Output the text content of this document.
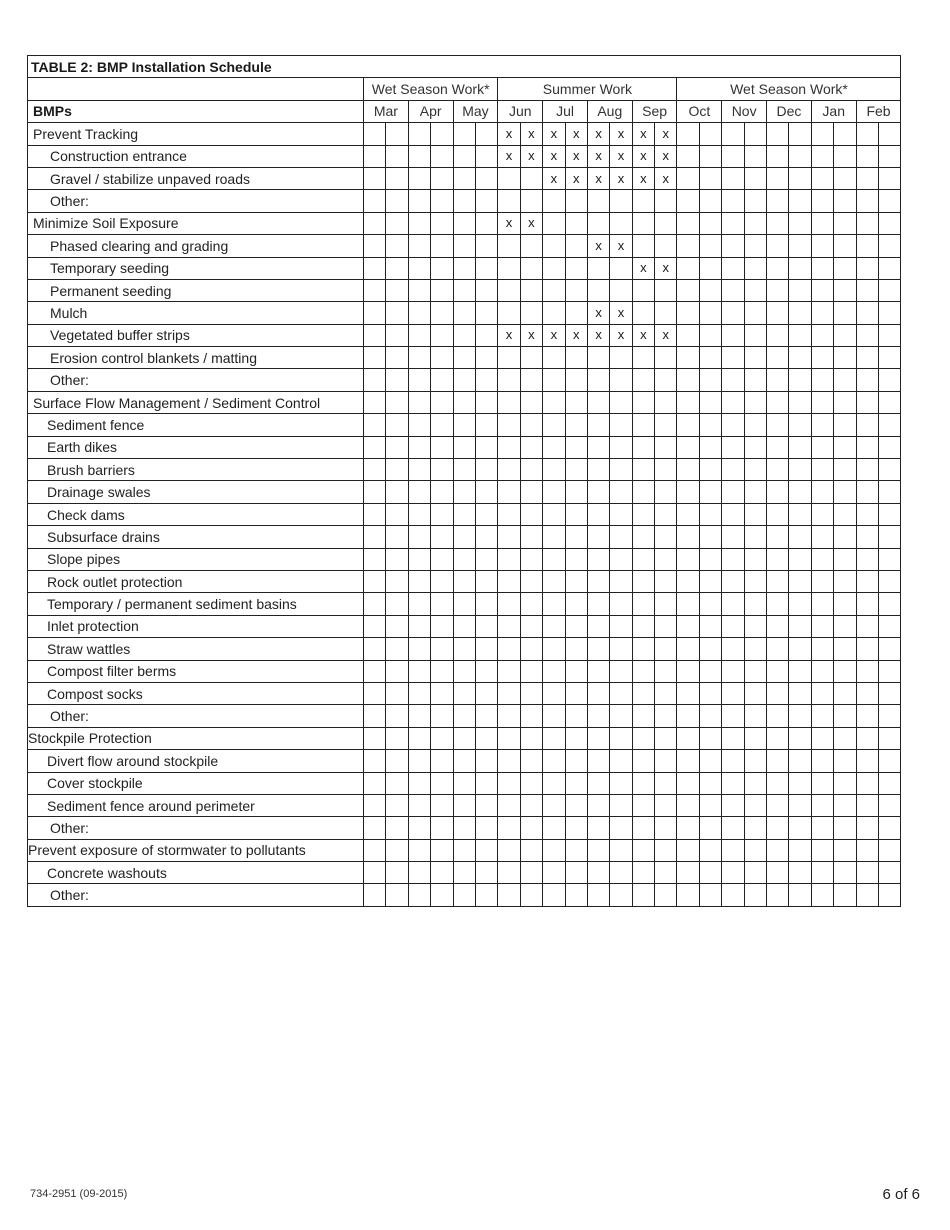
TABLE 2: BMP Installation Schedule																								
	Wet Season Work*						Summer Work								Wet Season Work*									
BMPs	Mar		Apr		May		Jun		Jul		Aug		Sep		Oct		Nov		Dec		Jan		Feb	
Prevent Tracking							x	x	x	x	x	x	x	x										
Construction entrance							x	x	x	x	x	x	x	x										
Gravel / stabilize unpaved roads									x	x	x	x	x	x										
Other:																								
Minimize Soil Exposure							x	x																
Phased clearing and grading											x	x												
Temporary seeding													x	x										
Permanent seeding																								
Mulch											x	x												
Vegetated buffer strips							x	x	x	x	x	x	x	x										
Erosion control blankets / matting																								
Other:																								
Surface Flow Management / Sediment Control																								
Sediment fence																								
Earth dikes																								
Brush barriers																								
Drainage swales																								
Check dams																								
Subsurface drains																								
Slope pipes																								
Rock outlet protection																								
Temporary / permanent sediment basins																								
Inlet protection																								
Straw wattles																								
Compost filter berms																								
Compost socks																								
Other:																								
Stockpile Protection																								
Divert flow around stockpile																								
Cover stockpile																								
Sediment fence around perimeter																								
Other:																								
Prevent exposure of stormwater to pollutants																								
Concrete washouts																								
Other:																								
734-2951 (09-2015)	6 of 6
